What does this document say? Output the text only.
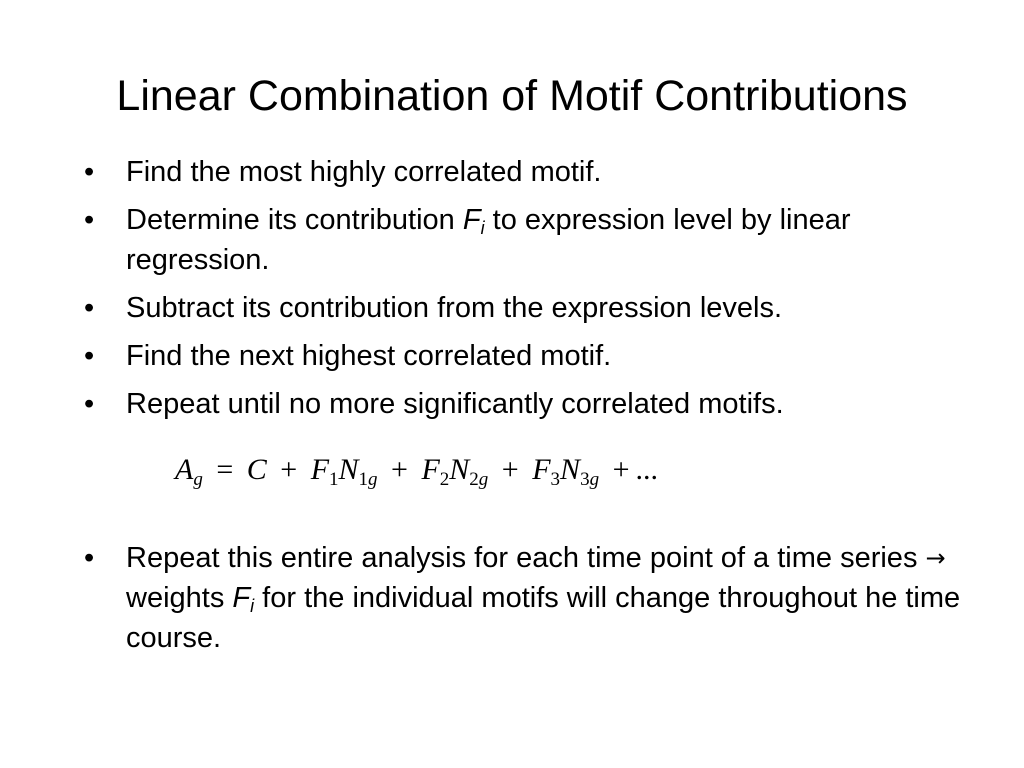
Linear Combination of Motif Contributions
•	Find the most highly correlated motif.
•	Determine its contribution $F_i$ to expression level by linear regression.
•	Subtract its contribution from the expression levels.
•	Find the next highest correlated motif.
•	Repeat until no more significantly correlated motifs.
$A_g = C + F_1N_{1g} + F_2N_{2g} + F_3N_{3g}$ + ...
•	Repeat this entire analysis for each time point of a time series → weights $F_i$ for the individual motifs will change throughout he time course.
